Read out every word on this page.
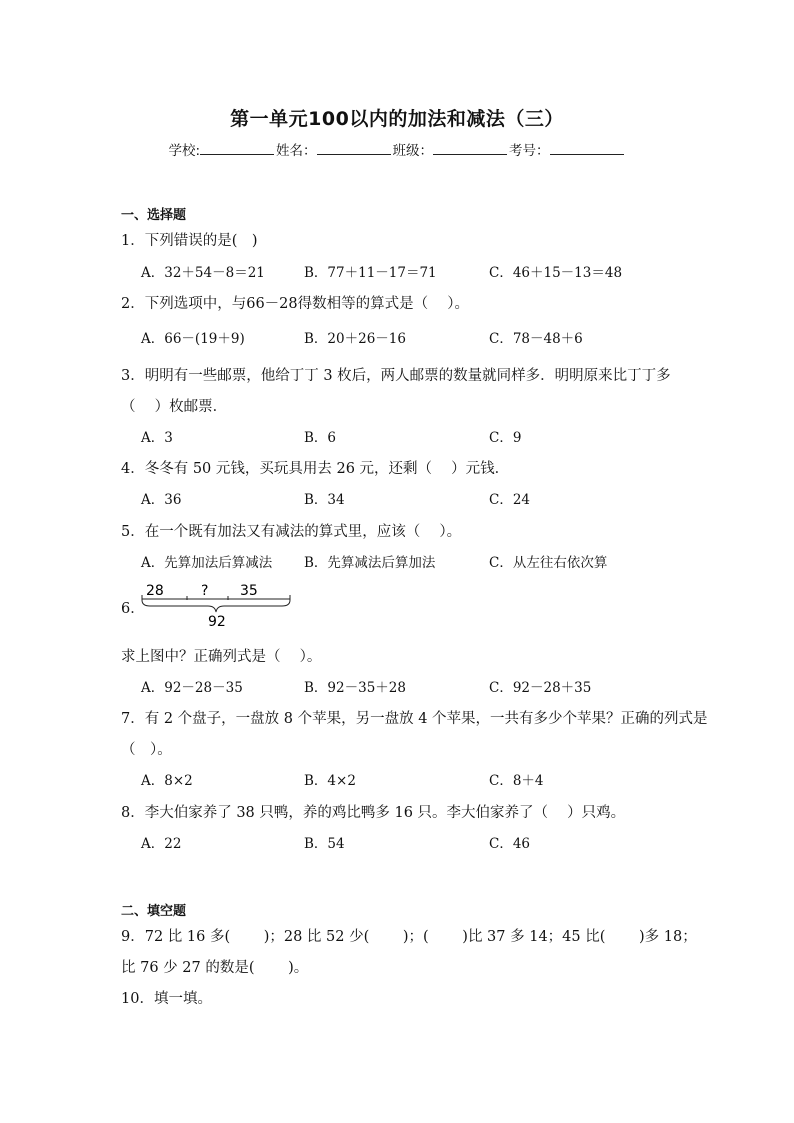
第一单元100以内的加法和减法（三）
学校:	姓名：	班级：	考号：
一、选择题
1．下列错误的是(　)
A．32＋54－8＝21	B．77＋11－17＝71	C．46＋15－13＝48
2．下列选项中，与66－28得数相等的算式是（　 ）。
A．66－(19＋9)	B．20＋26－16	C．78－48＋6
3．明明有一些邮票，他给丁丁 3 枚后，两人邮票的数量就同样多．明明原来比丁丁多
（　 ）枚邮票．
A．3	B．6	C．9
4．冬冬有 50 元钱，买玩具用去 26 元，还剩（　 ）元钱．
A．36	B．34	C．24
5．在一个既有加法又有减法的算式里，应该（　 ）。
A．先算加法后算减法 B．先算减法后算加法	C．从左往右依次算
6．
28	? 35
92
求上图中？正确列式是（　 ）。
A．92－28－35	B．92－35＋28	C．92－28＋35
7．有 2 个盘子，一盘放 8 个苹果，另一盘放 4 个苹果，一共有多少个苹果？正确的列式是
（　）。
A．8×2	B．4×2	C．8＋4
8．李大伯家养了 38 只鸭，养的鸡比鸭多 16 只。李大伯家养了（　 ）只鸡。
A．22	B．54	C．46
二、填空题
9．72 比 16 多(　　 )；28 比 52 少(　　 )；(　　 )比 37 多 14；45 比(　　 )多 18；
比 76 少 27 的数是(　　 )。
10．填一填。
